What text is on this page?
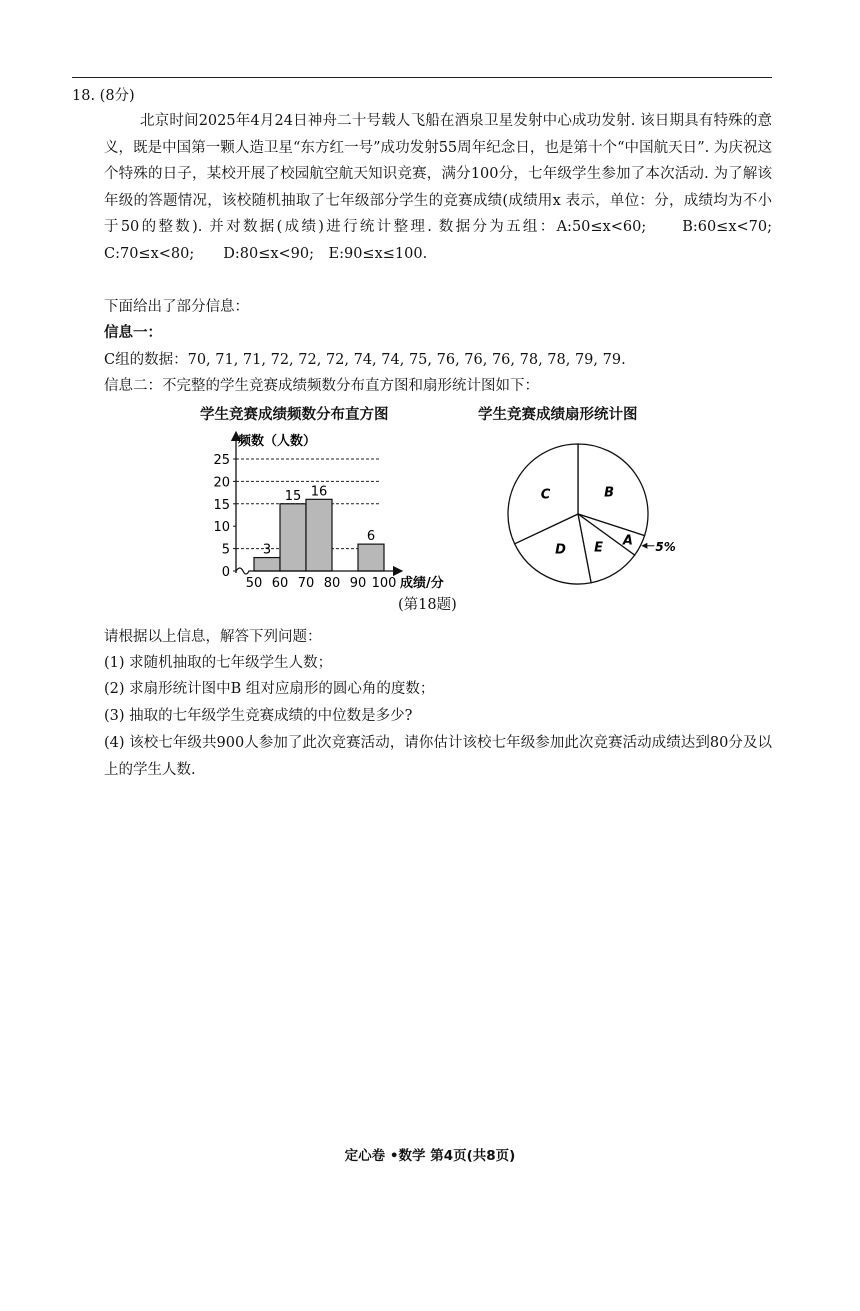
18. (8分)
北京时间2025年4月24日神舟二十号载人飞船在酒泉卫星发射中心成功发射. 该日期具有特殊的意义，既是中国第一颗人造卫星“东方红一号”成功发射55周年纪念日，也是第十个“中国航天日”. 为庆祝这个特殊的日子，某校开展了校园航空航天知识竞赛，满分100分，七年级学生参加了本次活动. 为了解该年级的答题情况，该校随机抽取了七年级部分学生的竞赛成绩(成绩用x 表示，单位：分，成绩均为不小于50的整数). 并对数据(成绩)进行统计整理. 数据分为五组：A:50≤x<60;　　B:60≤x<70;　　C:70≤x<80;　　D:80≤x<90;　E:90≤x≤100.
下面给出了部分信息：
信息一：
C组的数据：70, 71, 71, 72, 72, 72, 74, 74, 75, 76, 76, 76, 78, 78, 79, 79.
信息二：不完整的学生竞赛成绩频数分布直方图和扇形统计图如下：
学生竞赛成绩频数分布直方图	学生竞赛成绩扇形统计图
0
5
10
15
20
25
3
15 16
6
50 60 70 80 90 100
频数（人数）
成绩/分
B
A 5%
E
D
C
(第18题)
请根据以上信息，解答下列问题：
(1) 求随机抽取的七年级学生人数；
(2) 求扇形统计图中B 组对应扇形的圆心角的度数；
(3) 抽取的七年级学生竞赛成绩的中位数是多少?
(4) 该校七年级共900人参加了此次竞赛活动，请你估计该校七年级参加此次竞赛活动成绩达到80分及以上的学生人数.
定心卷 •数学 第4页(共8页)
